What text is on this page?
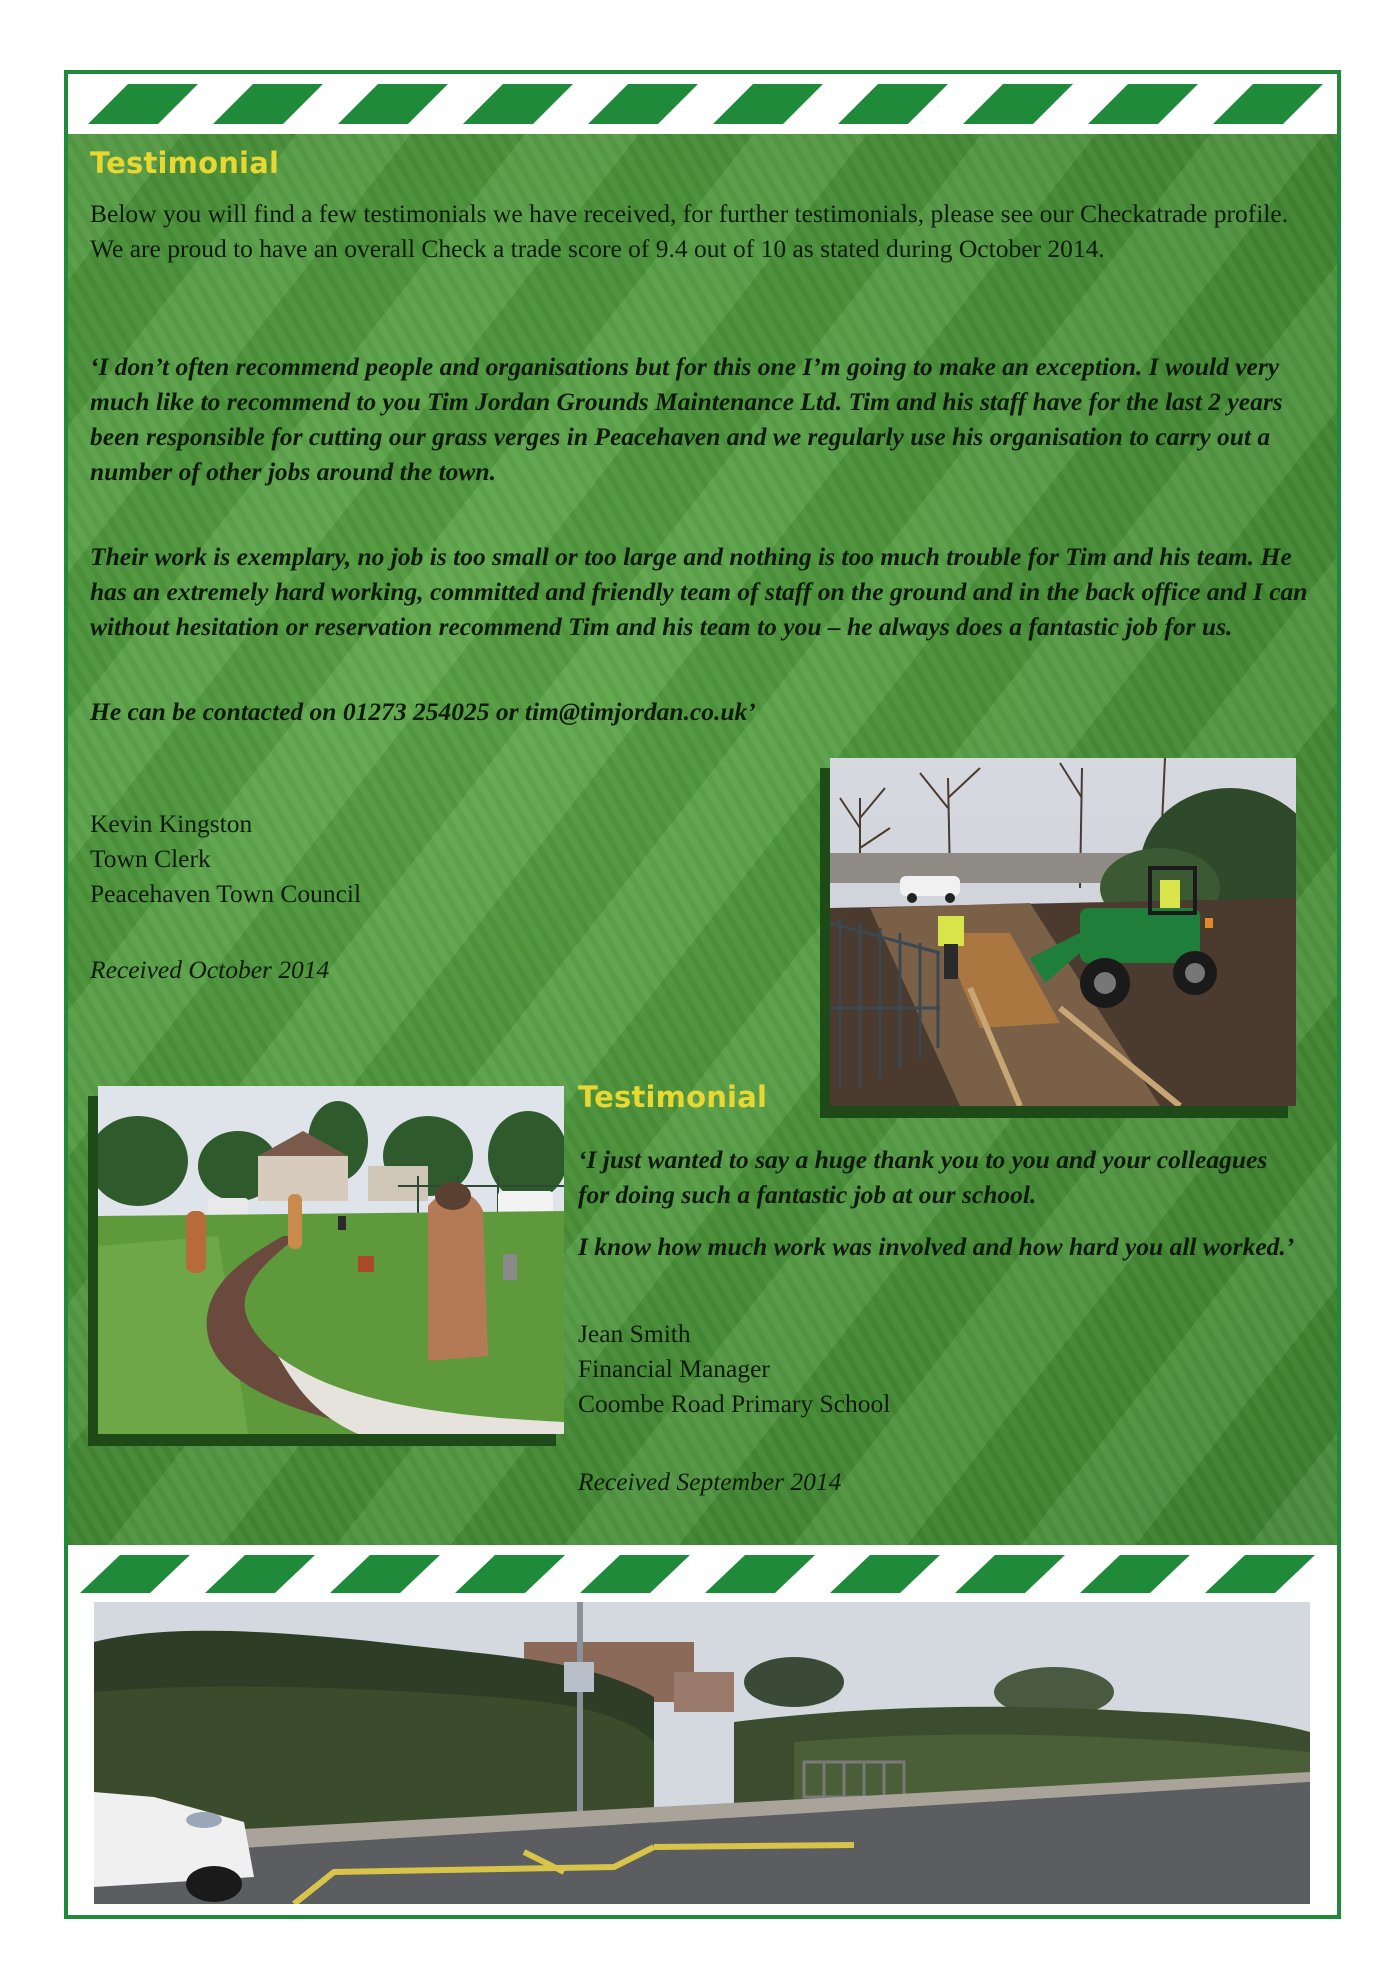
Testimonial

Below you will find a few testimonials we have received, for further testimonials, please see our Checkatrade profile. We are proud to have an overall Check a trade score of 9.4 out of 10 as stated during October 2014.

‘I don’t often recommend people and organisations but for this one I’m going to make an exception. I would very much like to recommend to you Tim Jordan Grounds Maintenance Ltd. Tim and his staff have for the last 2 years been responsible for cutting our grass verges in Peacehaven and we regularly use his organisation to carry out a number of other jobs around the town.

Their work is exemplary, no job is too small or too large and nothing is too much trouble for Tim and his team. He has an extremely hard working, committed and friendly team of staff on the ground and in the back office and I can without hesitation or reservation recommend Tim and his team to you – he always does a fantastic job for us.

He can be contacted on 01273 254025 or tim@timjordan.co.uk’

Kevin Kingston
Town Clerk
Peacehaven Town Council
Received October 2014
Testimonial

‘I just wanted to say a huge thank you to you and your colleagues for doing such a fantastic job at our school.

I know how much work was involved and how hard you all worked.’

Jean Smith
Financial Manager
Coombe Road Primary School
Received September 2014
